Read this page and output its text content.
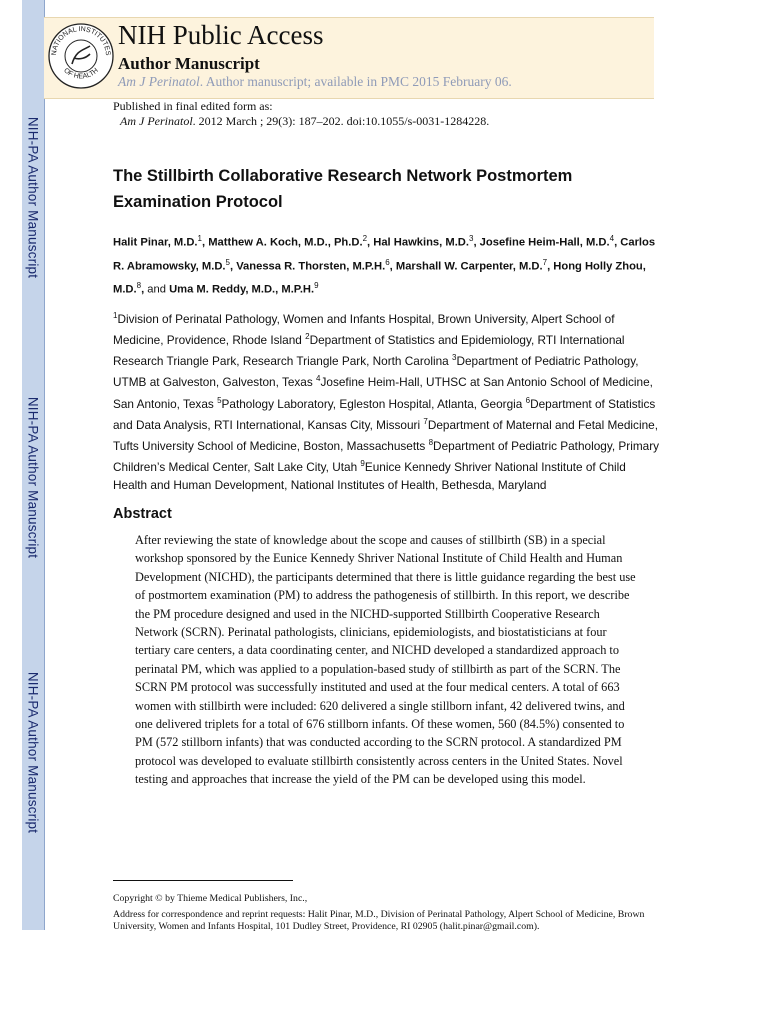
NIH-PA Author Manuscript
NIH-PA Author Manuscript
NIH-PA Author Manuscript
NATIONAL INSTITUTES
OF HEALTH
NIH Public Access
Author Manuscript
Am J Perinatol. Author manuscript; available in PMC 2015 February 06.
Published in final edited form as:
Am J Perinatol. 2012 March ; 29(3): 187–202. doi:10.1055/s-0031-1284228.
The Stillbirth Collaborative Research Network Postmortem Examination Protocol
Halit Pinar, M.D.$^1$, Matthew A. Koch, M.D., Ph.D.$^2$, Hal Hawkins, M.D.$^3$, Josefine Heim-Hall, M.D.$^4$, Carlos R. Abramowsky, M.D.$^5$, Vanessa R. Thorsten, M.P.H.$^6$, Marshall W. Carpenter, M.D.$^7$, Hong Holly Zhou, M.D.$^8$, and Uma M. Reddy, M.D., M.P.H.$^9$
$^1$Division of Perinatal Pathology, Women and Infants Hospital, Brown University, Alpert School of Medicine, Providence, Rhode Island $^2$Department of Statistics and Epidemiology, RTI International Research Triangle Park, Research Triangle Park, North Carolina $^3$Department of Pediatric Pathology, UTMB at Galveston, Galveston, Texas $^4$Josefine Heim-Hall, UTHSC at San Antonio School of Medicine, San Antonio, Texas $^5$Pathology Laboratory, Egleston Hospital, Atlanta, Georgia $^6$Department of Statistics and Data Analysis, RTI International, Kansas City, Missouri $^7$Department of Maternal and Fetal Medicine, Tufts University School of Medicine, Boston, Massachusetts $^8$Department of Pediatric Pathology, Primary Children’s Medical Center, Salt Lake City, Utah $^9$Eunice Kennedy Shriver National Institute of Child Health and Human Development, National Institutes of Health, Bethesda, Maryland
Abstract
After reviewing the state of knowledge about the scope and causes of stillbirth (SB) in a special workshop sponsored by the Eunice Kennedy Shriver National Institute of Child Health and Human Development (NICHD), the participants determined that there is little guidance regarding the best use of postmortem examination (PM) to address the pathogenesis of stillbirth. In this report, we describe the PM procedure designed and used in the NICHD-supported Stillbirth Cooperative Research Network (SCRN). Perinatal pathologists, clinicians, epidemiologists, and biostatisticians at four tertiary care centers, a data coordinating center, and NICHD developed a standardized approach to perinatal PM, which was applied to a population-based study of stillbirth as part of the SCRN. The SCRN PM protocol was successfully instituted and used at the four medical centers. A total of 663 women with stillbirth were included: 620 delivered a single stillborn infant, 42 delivered twins, and one delivered triplets for a total of 676 stillborn infants. Of these women, 560 (84.5%) consented to PM (572 stillborn infants) that was conducted according to the SCRN protocol. A standardized PM protocol was developed to evaluate stillbirth consistently across centers in the United States. Novel testing and approaches that increase the yield of the PM can be developed using this model.
Copyright © by Thieme Medical Publishers, Inc.,
Address for correspondence and reprint requests: Halit Pinar, M.D., Division of Perinatal Pathology, Alpert School of Medicine, Brown University, Women and Infants Hospital, 101 Dudley Street, Providence, RI 02905 (halit.pinar@gmail.com).
